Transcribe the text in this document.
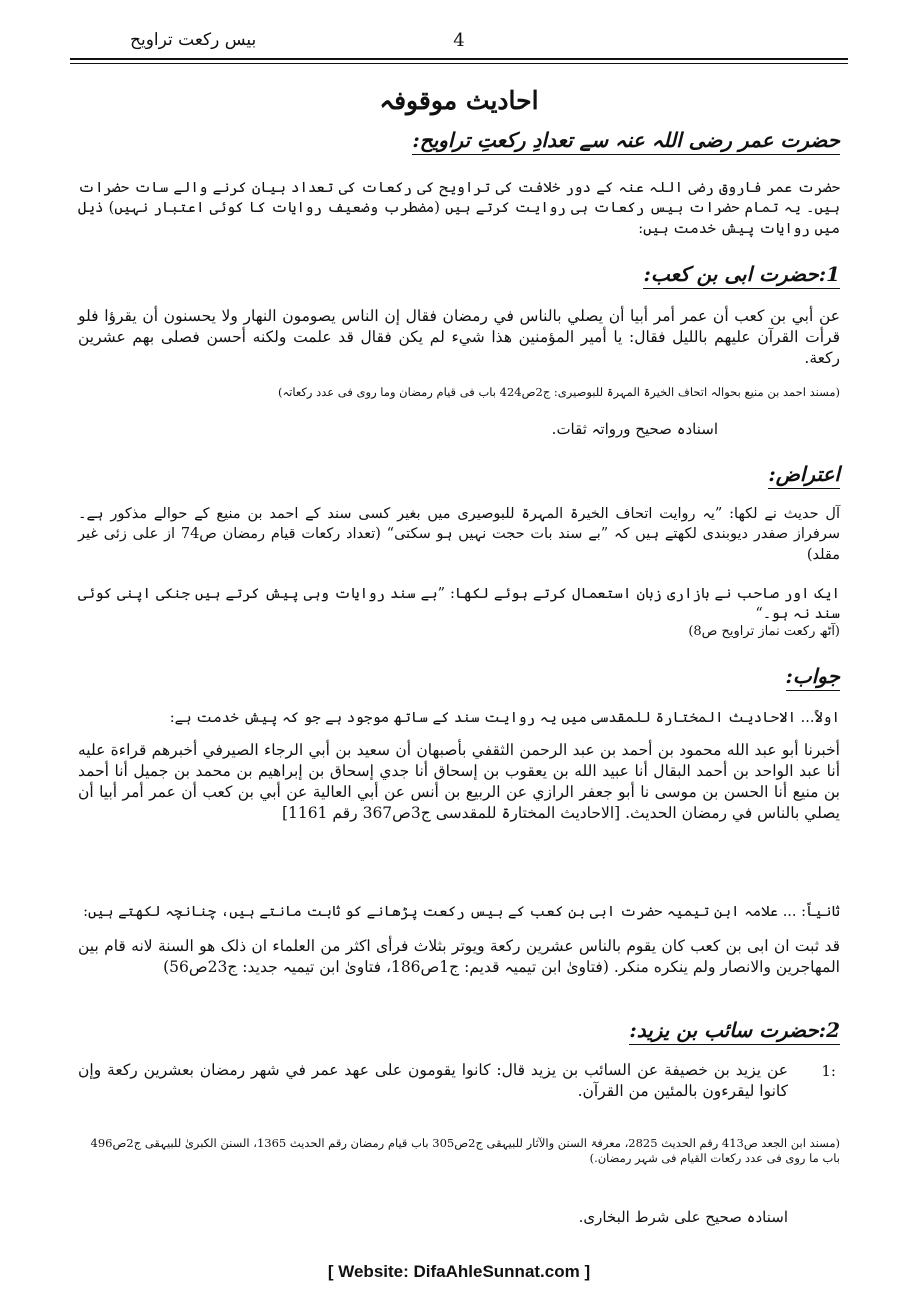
بیس رکعت تراویح	4
احادیث موقوفہ
حضرت عمر رضی اللہ عنہ سے تعدادِ رکعتِ تراویح:
حضرت عمر فاروق رضی اللہ عنہ کے دور خلافت کی تراویح کی رکعات کی تعداد بیان کرنے والے سات حضرات ہیں۔ یہ تمام حضرات بیس رکعات ہی روایت کرتے ہیں (مضطرب وضعیف روایات کا کوئی اعتبار نہیں) ذیل میں روایات پیش خدمت ہیں:
1:حضرت ابی بن کعب:
عن أبي بن كعب أن عمر أمر أبيا أن يصلي بالناس في رمضان فقال إن الناس يصومون النهار ولا يحسنون أن يقرؤا فلو قرأت القرآن عليهم بالليل فقال: يا أمير المؤمنين هذا شيء لم يكن فقال قد علمت ولكنه أحسن فصلى بهم عشرين ركعة.
(مسند احمد بن منیع بحوالہ اتحاف الخیرۃ المہرۃ للبوصیری: ج2ص424 باب فی قیام رمضان وما روی فی عدد رکعاتہ)
اسنادہ صحیح ورواتہ ثقات.
اعتراض:
آل حدیث نے لکھا: ”یہ روایت اتحاف الخیرۃ المہرۃ للبوصیری میں بغیر کسی سند کے احمد بن منیع کے حوالے مذکور ہے۔ سرفراز صفدر دیوبندی لکھتے ہیں کہ ”بے سند بات حجت نہیں ہو سکتی“ (تعداد رکعات قیام رمضان ص74 از علی زئی غیر مقلد)
ایک اور صاحب نے بازاری زبان استعمال کرتے ہوئے لکھا: ”بے سند روایات وہی پیش کرتے ہیں جنکی اپنی کوئی سند نہ ہو۔“
(آٹھ رکعت نماز تراویح ص8)
جواب:
اولاً... الاحادیث المختارۃ للمقدسی میں یہ روایت سند کے ساتھ موجود ہے جو کہ پیش خدمت ہے:
أخبرنا أبو عبد الله محمود بن أحمد بن عبد الرحمن الثقفي بأصبهان أن سعيد بن أبي الرجاء الصيرفي أخبرهم قراءة عليه أنا عبد الواحد بن أحمد البقال أنا عبيد الله بن يعقوب بن إسحاق أنا جدي إسحاق بن إبراهيم بن محمد بن جميل أنا أحمد بن منيع أنا الحسن بن موسى نا أبو جعفر الرازي عن الربيع بن أنس عن أبي العالية عن أبي بن كعب أن عمر أمر أبيا أن يصلي بالناس في رمضان الحديث. [الاحادیث المختارۃ للمقدسی ج3ص367 رقم 1161]
ثانیاً: ... علامہ ابن تیمیہ حضرت ابی بن کعب کے بیس رکعت پڑھانے کو ثابت مانتے ہیں، چنانچہ لکھتے ہیں:
قد ثبت ان ابی بن کعب کان یقوم بالناس عشرین رکعة ویوتر بثلاث فرأی اکثر من العلماء ان ذلک هو السنة لانه قام بین المهاجرین والانصار ولم ینکره منکر. (فتاویٰ ابن تیمیہ قدیم: ج1ص186، فتاویٰ ابن تیمیہ جدید: ج23ص56)
2:حضرت سائب بن یزید:
1:
عن يزيد بن خصيفة عن السائب بن يزيد قال: كانوا يقومون على عهد عمر في شهر رمضان بعشرين ركعة وإن كانوا ليقرءون بالمئين من القرآن.
(مسند ابن الجعد ص413 رقم الحدیث 2825، معرفۃ السنن والآثار للبیہقی ج2ص305 باب قیام رمضان رقم الحدیث 1365، السنن الکبریٰ للبیہقی ج2ص496 باب ما روی فی عدد رکعات القیام فی شہر رمضان.)
اسنادہ صحیح علی شرط البخاری.
[ Website: DifaAhleSunnat.com ]
